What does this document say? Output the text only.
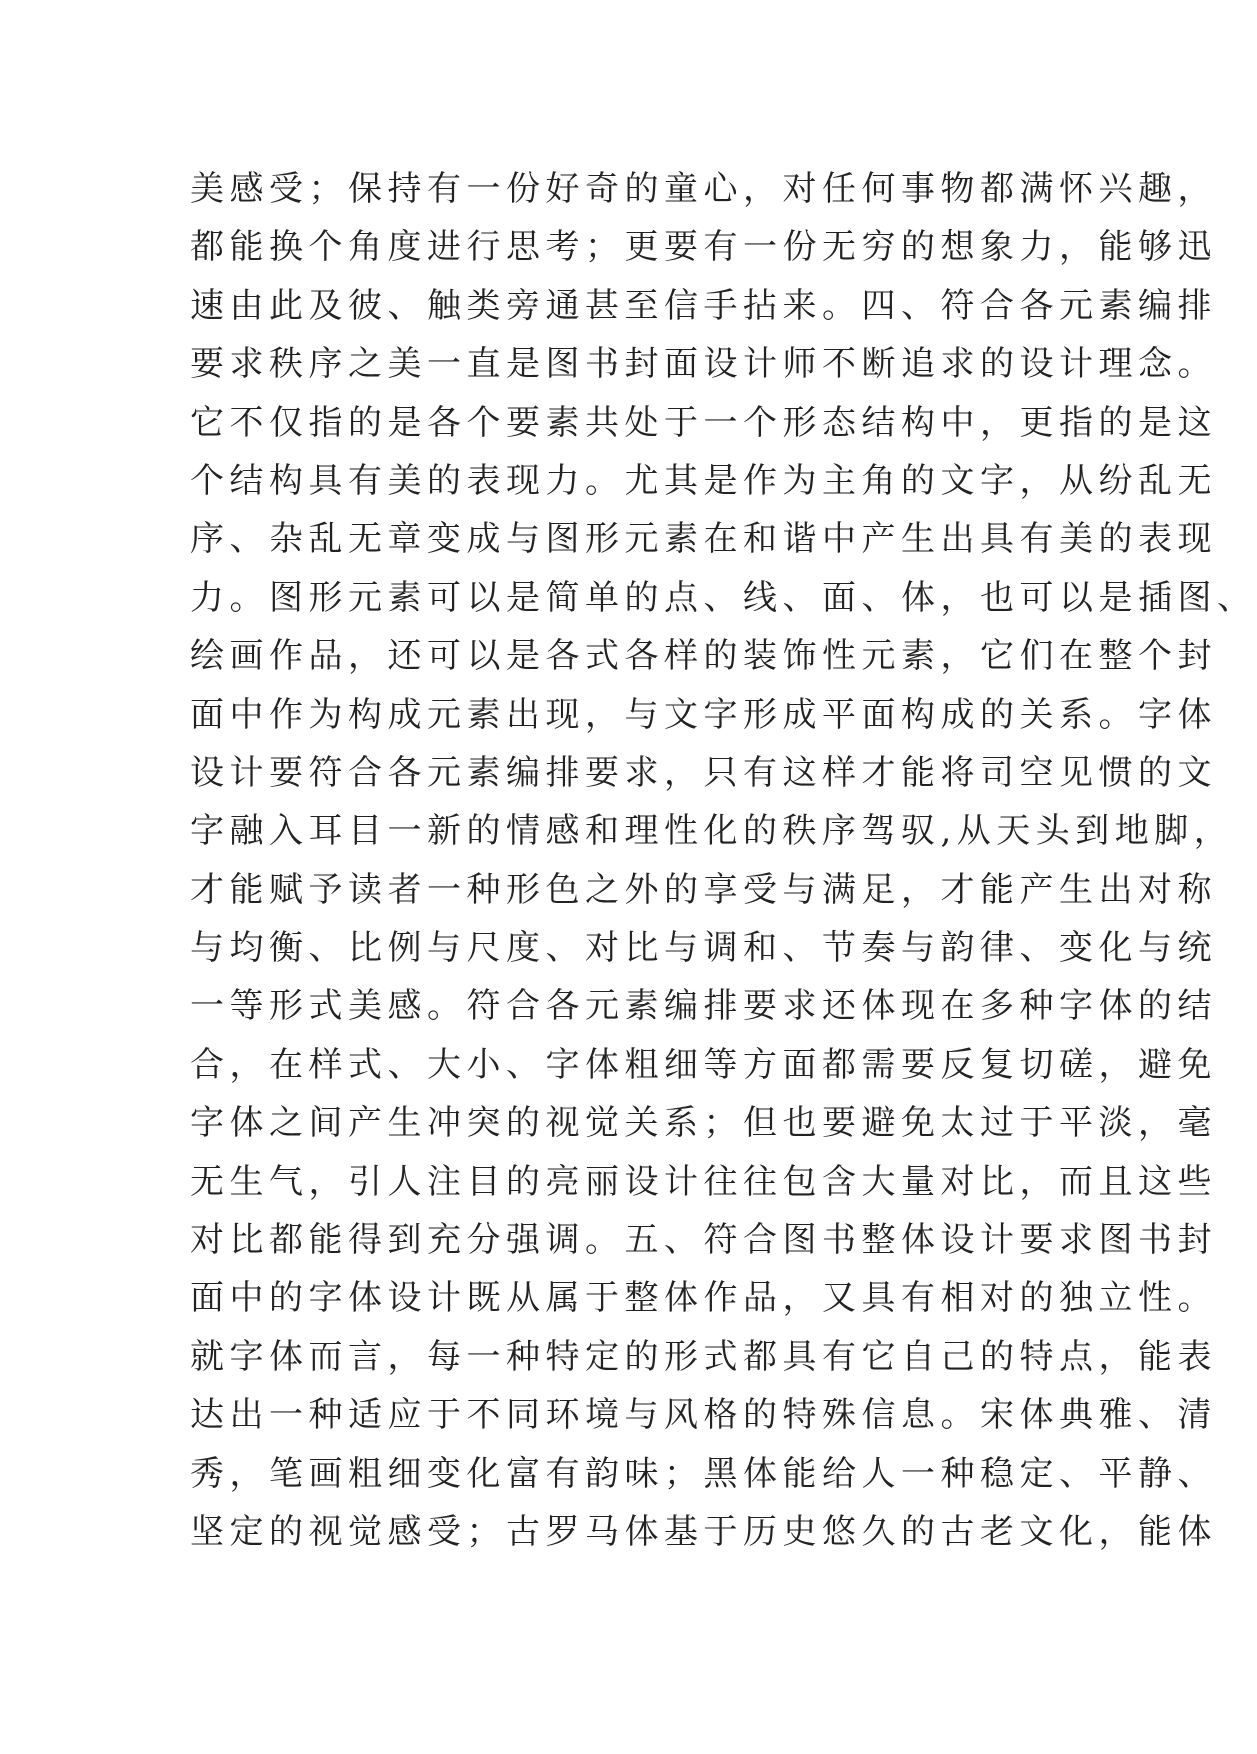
美感受；保持有一份好奇的童心，对任何事物都满怀兴趣，
都能换个角度进行思考；更要有一份无穷的想象力，能够迅
速由此及彼、触类旁通甚至信手拈来。四、符合各元素编排
要求秩序之美一直是图书封面设计师不断追求的设计理念。
它不仅指的是各个要素共处于一个形态结构中，更指的是这
个结构具有美的表现力。尤其是作为主角的文字，从纷乱无
序、杂乱无章变成与图形元素在和谐中产生出具有美的表现
力。图形元素可以是简单的点、线、面、体，也可以是插图、
绘画作品，还可以是各式各样的装饰性元素，它们在整个封
面中作为构成元素出现，与文字形成平面构成的关系。字体
设计要符合各元素编排要求，只有这样才能将司空见惯的文
字融入耳目一新的情感和理性化的秩序驾驭,从天头到地脚，
才能赋予读者一种形色之外的享受与满足，才能产生出对称
与均衡、比例与尺度、对比与调和、节奏与韵律、变化与统
一等形式美感。符合各元素编排要求还体现在多种字体的结
合，在样式、大小、字体粗细等方面都需要反复切磋，避免
字体之间产生冲突的视觉关系；但也要避免太过于平淡，毫
无生气，引人注目的亮丽设计往往包含大量对比，而且这些
对比都能得到充分强调。五、符合图书整体设计要求图书封
面中的字体设计既从属于整体作品，又具有相对的独立性。
就字体而言，每一种特定的形式都具有它自己的特点，能表
达出一种适应于不同环境与风格的特殊信息。宋体典雅、清
秀，笔画粗细变化富有韵味；黑体能给人一种稳定、平静、
坚定的视觉感受；古罗马体基于历史悠久的古老文化，能体
